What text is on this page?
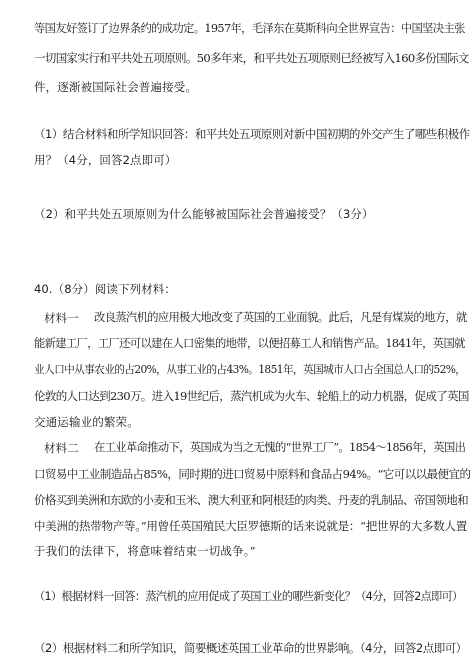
等国友好签订了边界条约的成功定。1957年，毛泽东在莫斯科向全世界宣告：中国坚决主张
一切国家实行和平共处五项原则。50多年来，和平共处五项原则已经被写入160多份国际文
件，逐渐被国际社会普遍接受。
（1）结合材料和所学知识回答：和平共处五项原则对新中国初期的外交产生了哪些积极作
用？（4分，回答2点即可）
（2）和平共处五项原则为什么能够被国际社会普遍接受？（3分）
40.（8分）阅读下列材料：
材料一 改良蒸汽机的应用极大地改变了英国的工业面貌。此后，凡是有煤炭的地方，就
能新建工厂，工厂还可以建在人口密集的地带，以便招募工人和销售产品。1841年，英国就
业人口中从事农业的占20%，从事工业的占43%。1851年，英国城市人口占全国总人口的52%，
伦敦的人口达到230万。进入19世纪后，蒸汽机成为火车、轮船上的动力机器，促成了英国
交通运输业的繁荣。
材料二 在工业革命推动下，英国成为当之无愧的“世界工厂”。1854～1856年，英国出
口贸易中工业制造品占85%，同时期的进口贸易中原料和食品占94%。“它可以以最便宜的
价格买到美洲和东欧的小麦和玉米、澳大利亚和阿根廷的肉类、丹麦的乳制品、帝国领地和
中美洲的热带物产等。”用曾任英国殖民大臣罗德斯的话来说就是：“把世界的大多数人置
于我们的法律下，将意味着结束一切战争。”
（1）根据材料一回答：蒸汽机的应用促成了英国工业的哪些新变化？（4分，回答2点即可）
（2）根据材料二和所学知识，简要概述英国工业革命的世界影响。（4分，回答2点即可）
